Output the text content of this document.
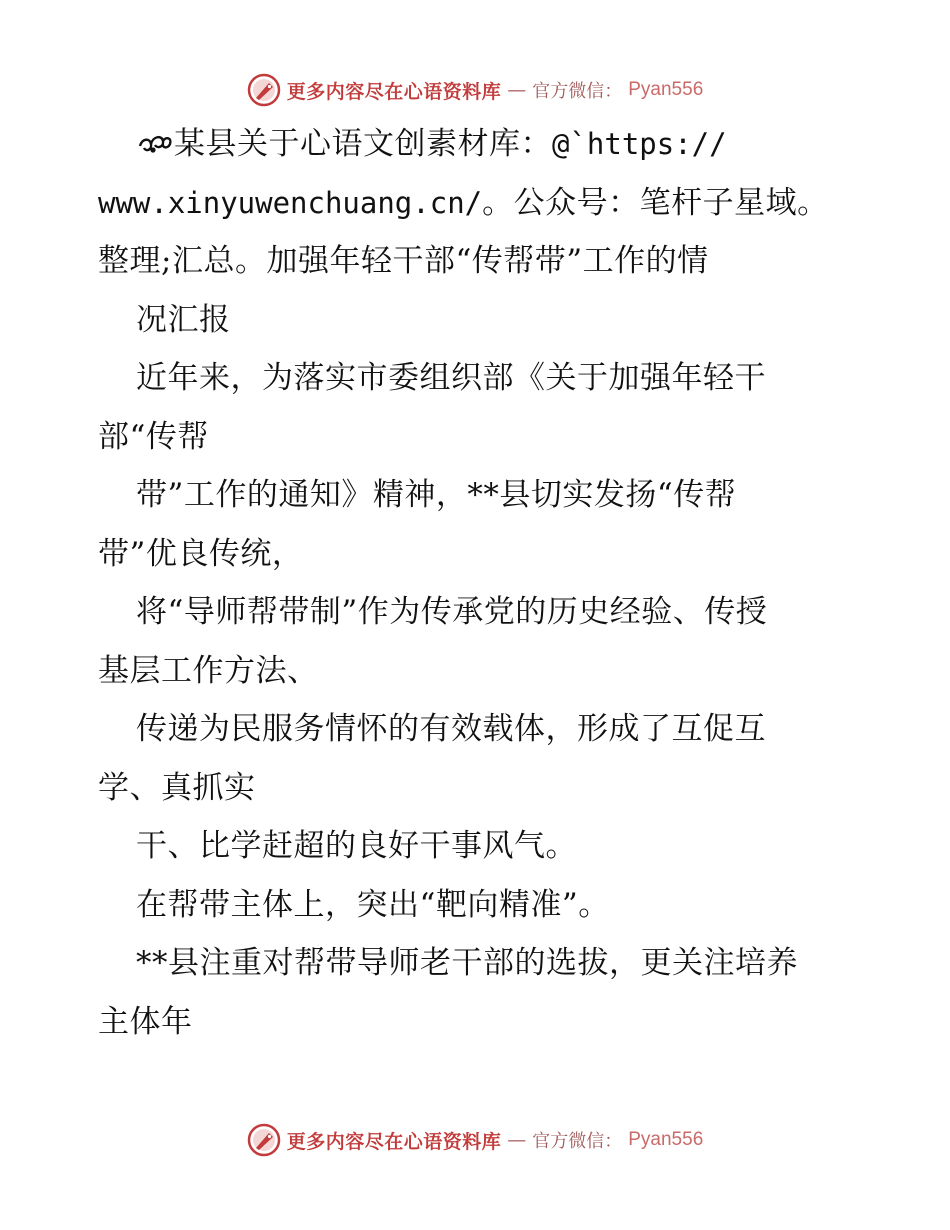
更多内容尽在心语资料库 — 官方微信： Pyan556
某县关于心语文创素材库：@`https://
www.xinyuwenchuang.cn/。公众号：笔杆子星域。
整理;汇总。加强年轻干部“传帮带”工作的情
况汇报
近年来，为落实市委组织部《关于加强年轻干
部“传帮
带”工作的通知》精神，**县切实发扬“传帮
带”优良传统，
将“导师帮带制”作为传承党的历史经验、传授
基层工作方法、
传递为民服务情怀的有效载体，形成了互促互
学、真抓实
干、比学赶超的良好干事风气。
在帮带主体上，突出“靶向精准”。
**县注重对帮带导师老干部的选拔，更关注培养
主体年
更多内容尽在心语资料库 — 官方微信： Pyan556
